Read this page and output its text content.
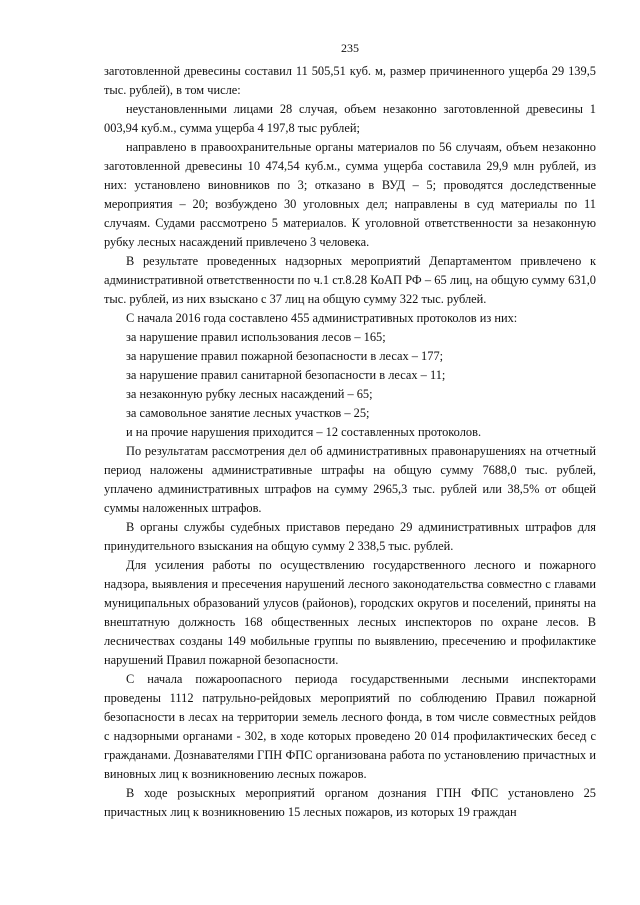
235

заготовленной древесины составил 11 505,51 куб. м, размер причиненного ущерба 29 139,5 тыс. рублей), в том числе:

неустановленными лицами 28 случая, объем незаконно заготовленной древесины 1 003,94 куб.м., сумма ущерба 4 197,8 тыс рублей;

направлено в правоохранительные органы материалов по 56 случаям, объем незаконно заготовленной древесины 10 474,54 куб.м., сумма ущерба составила 29,9 млн рублей, из них: установлено виновников по 3; отказано в ВУД – 5; проводятся доследственные мероприятия – 20; возбуждено 30 уголовных дел; направлены в суд материалы по 11 случаям. Судами рассмотрено 5 материалов. К уголовной ответственности за незаконную рубку лесных насаждений привлечено 3 человека.

В результате проведенных надзорных мероприятий Департаментом привлечено к административной ответственности по ч.1 ст.8.28 КоАП РФ – 65 лиц, на общую сумму 631,0 тыс. рублей, из них взыскано с 37 лиц на общую сумму 322 тыс. рублей.

С начала 2016 года составлено 455 административных протоколов из них:

за нарушение правил использования лесов – 165;

за нарушение правил пожарной безопасности в лесах – 177;

за нарушение правил санитарной безопасности в лесах – 11;

за незаконную рубку лесных насаждений – 65;

за самовольное занятие лесных участков – 25;

и на прочие нарушения приходится – 12 составленных протоколов.

По результатам рассмотрения дел об административных правонарушениях на отчетный период наложены административные штрафы на общую сумму 7688,0 тыс. рублей, уплачено административных штрафов на сумму 2965,3 тыс. рублей или 38,5% от общей суммы наложенных штрафов.

В органы службы судебных приставов передано 29 административных штрафов для принудительного взыскания на общую сумму 2 338,5 тыс. рублей.

Для усиления работы по осуществлению государственного лесного и пожарного надзора, выявления и пресечения нарушений лесного законодательства совместно с главами муниципальных образований улусов (районов), городских округов и поселений, приняты на внештатную должность 168 общественных лесных инспекторов по охране лесов. В лесничествах созданы 149 мобильные группы по выявлению, пресечению и профилактике нарушений Правил пожарной безопасности.

С начала пожароопасного периода государственными лесными инспекторами проведены 1112 патрульно-рейдовых мероприятий по соблюдению Правил пожарной безопасности в лесах на территории земель лесного фонда, в том числе совместных рейдов с надзорными органами - 302, в ходе которых проведено 20 014 профилактических бесед с гражданами. Дознавателями ГПН ФПС организована работа по установлению причастных и виновных лиц к возникновению лесных пожаров.

В ходе розыскных мероприятий органом дознания ГПН ФПС установлено 25 причастных лиц к возникновению 15 лесных пожаров, из которых 19 граждан
